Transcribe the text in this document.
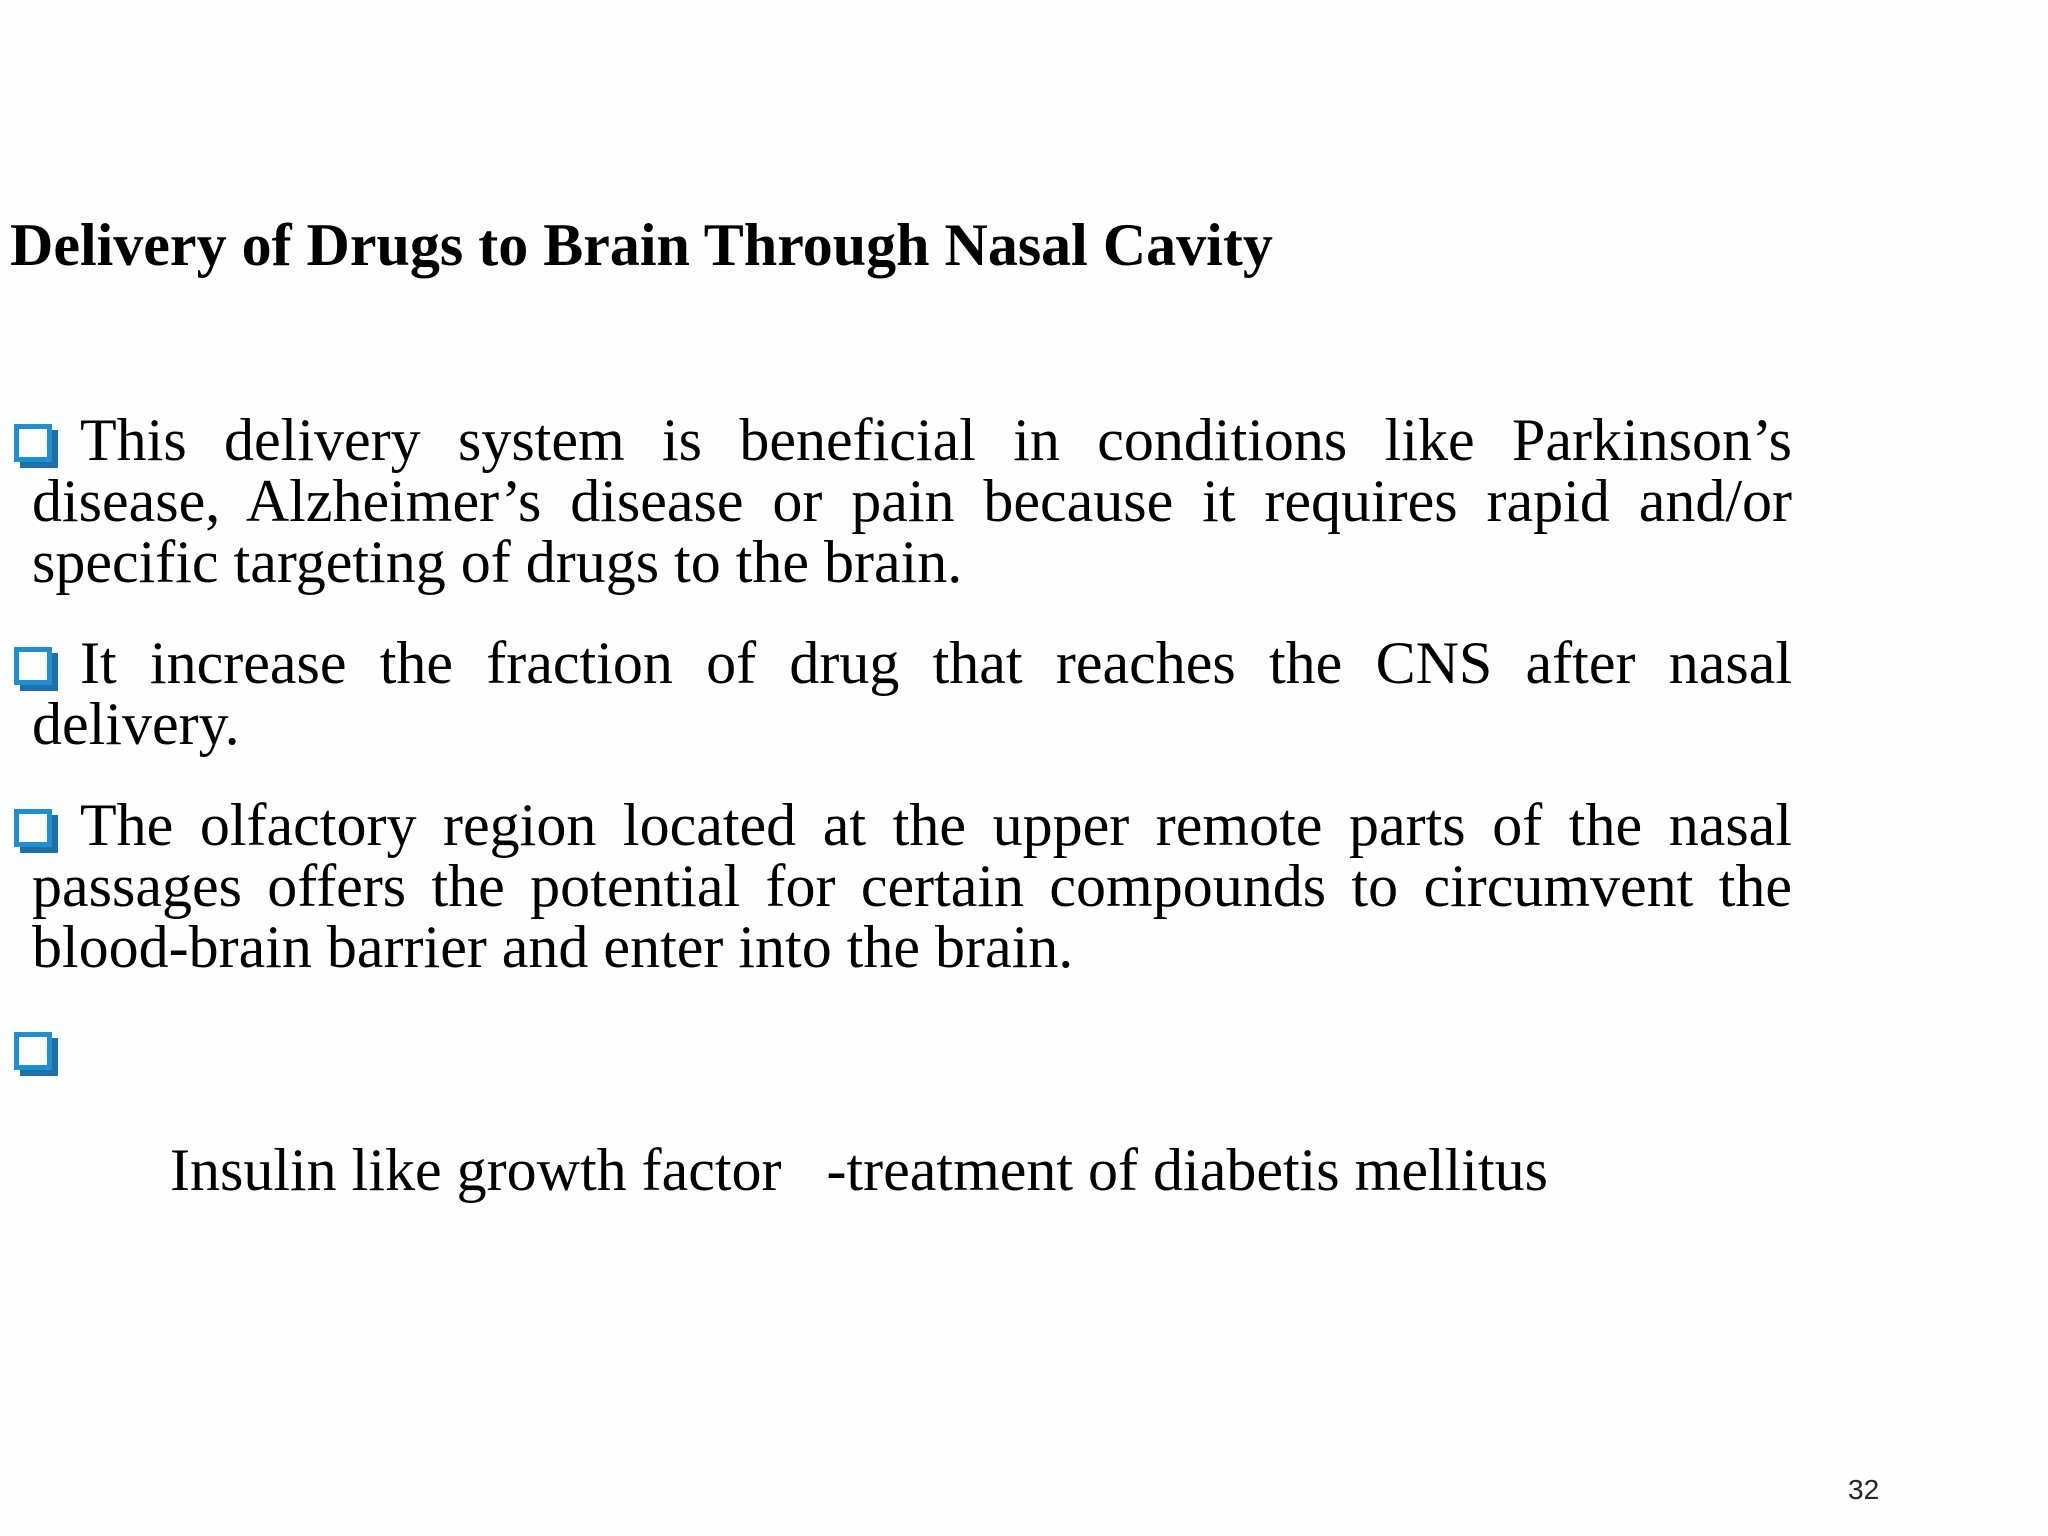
Delivery of Drugs to Brain Through Nasal Cavity
This delivery system is beneficial in conditions like Parkinson’s disease, Alzheimer’s disease or pain because it requires rapid and/or specific targeting of drugs to the brain.
It increase the fraction of drug that reaches the CNS after nasal delivery.
The olfactory region located at the upper remote parts of the nasal passages offers the potential for certain compounds to circumvent the blood-brain barrier and enter into the brain.

Insulin like growth factor   -treatment of diabetis mellitus

32
